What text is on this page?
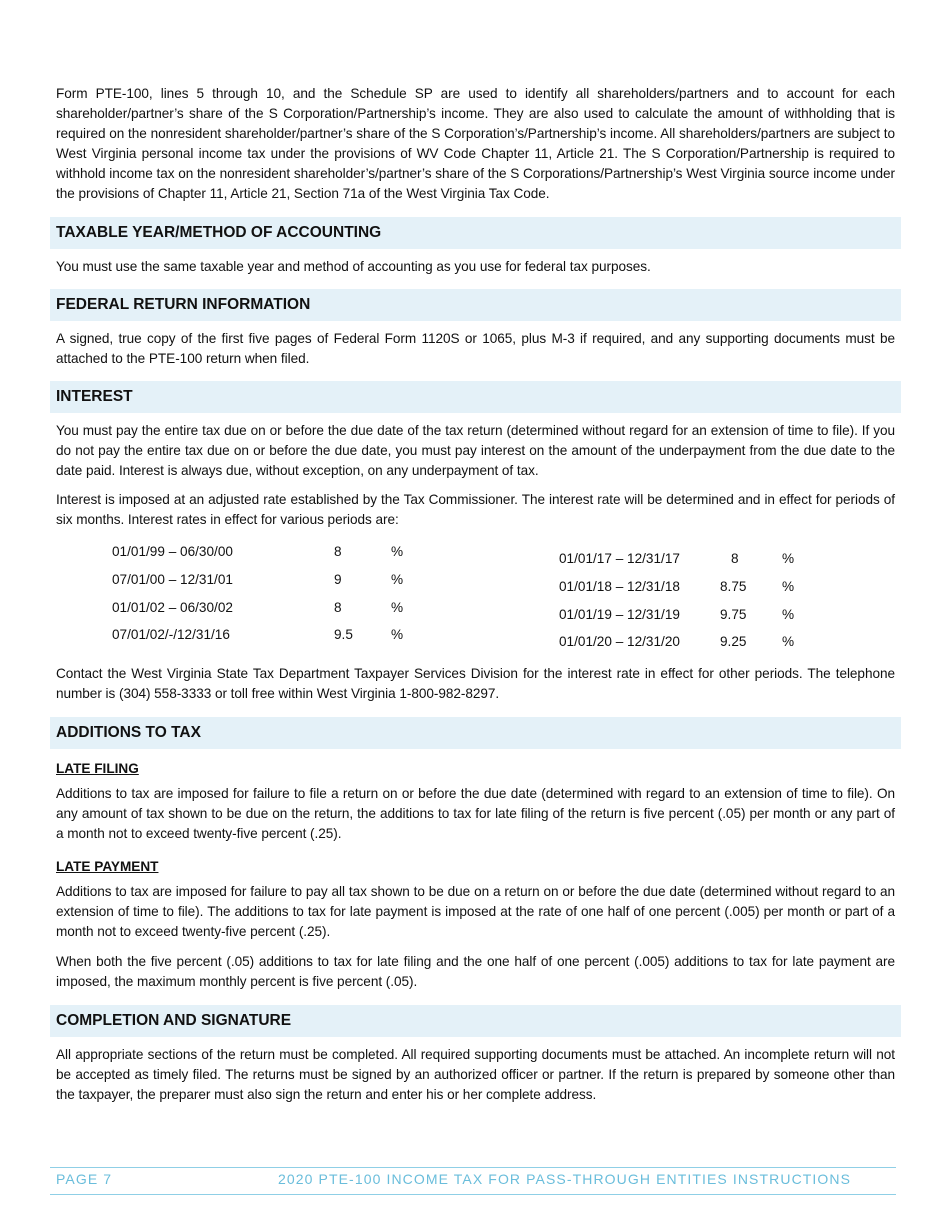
Form PTE-100, lines 5 through 10, and the Schedule SP are used to identify all shareholders/partners and to account for each shareholder/partner’s share of the S Corporation/Partnership’s income. They are also used to calculate the amount of withholding that is required on the nonresident shareholder/partner’s share of the S Corporation’s/Partnership’s income. All shareholders/partners are subject to West Virginia personal income tax under the provisions of WV Code Chapter 11, Article 21. The S Corporation/Partnership is required to withhold income tax on the nonresident shareholder’s/partner’s share of the S Corporations/Partnership’s West Virginia source income under the provisions of Chapter 11, Article 21, Section 71a of the West Virginia Tax Code.

TAXABLE YEAR/METHOD OF ACCOUNTING

You must use the same taxable year and method of accounting as you use for federal tax purposes.

FEDERAL RETURN INFORMATION

A signed, true copy of the first five pages of Federal Form 1120S or 1065, plus M-3 if required, and any supporting documents must be attached to the PTE-100 return when filed.

INTEREST

You must pay the entire tax due on or before the due date of the tax return (determined without regard for an extension of time to file). If you do not pay the entire tax due on or before the due date, you must pay interest on the amount of the underpayment from the due date to the date paid. Interest is always due, without exception, on any underpayment of tax.

Interest is imposed at an adjusted rate established by the Tax Commissioner. The interest rate will be determined and in effect for periods of six months. Interest rates in effect for various periods are:

01/01/99 – 06/30/00	8	%
07/01/00 – 12/31/01	9	%
01/01/02 – 06/30/02	8	%
07/01/02/-/12/31/16	9.5	%
01/01/17 – 12/31/17	8	%
01/01/18 – 12/31/18	8.75	%
01/01/19 – 12/31/19	9.75	%
01/01/20 – 12/31/20	9.25	%

Contact the West Virginia State Tax Department Taxpayer Services Division for the interest rate in effect for other periods. The telephone number is (304) 558-3333 or toll free within West Virginia 1-800-982-8297.

ADDITIONS TO TAX

LATE FILING

Additions to tax are imposed for failure to file a return on or before the due date (determined with regard to an extension of time to file). On any amount of tax shown to be due on the return, the additions to tax for late filing of the return is five percent (.05) per month or any part of a month not to exceed twenty-five percent (.25).

LATE PAYMENT

Additions to tax are imposed for failure to pay all tax shown to be due on a return on or before the due date (determined without regard to an extension of time to file). The additions to tax for late payment is imposed at the rate of one half of one percent (.005) per month or part of a month not to exceed twenty-five percent (.25).

When both the five percent (.05) additions to tax for late filing and the one half of one percent (.005) additions to tax for late payment are imposed, the maximum monthly percent is five percent (.05).

COMPLETION AND SIGNATURE

All appropriate sections of the return must be completed. All required supporting documents must be attached. An incomplete return will not be accepted as timely filed. The returns must be signed by an authorized officer or partner. If the return is prepared by someone other than the taxpayer, the preparer must also sign the return and enter his or her complete address.

PAGE 7	2020 PTE-100 INCOME TAX FOR PASS-THROUGH ENTITIES INSTRUCTIONS
